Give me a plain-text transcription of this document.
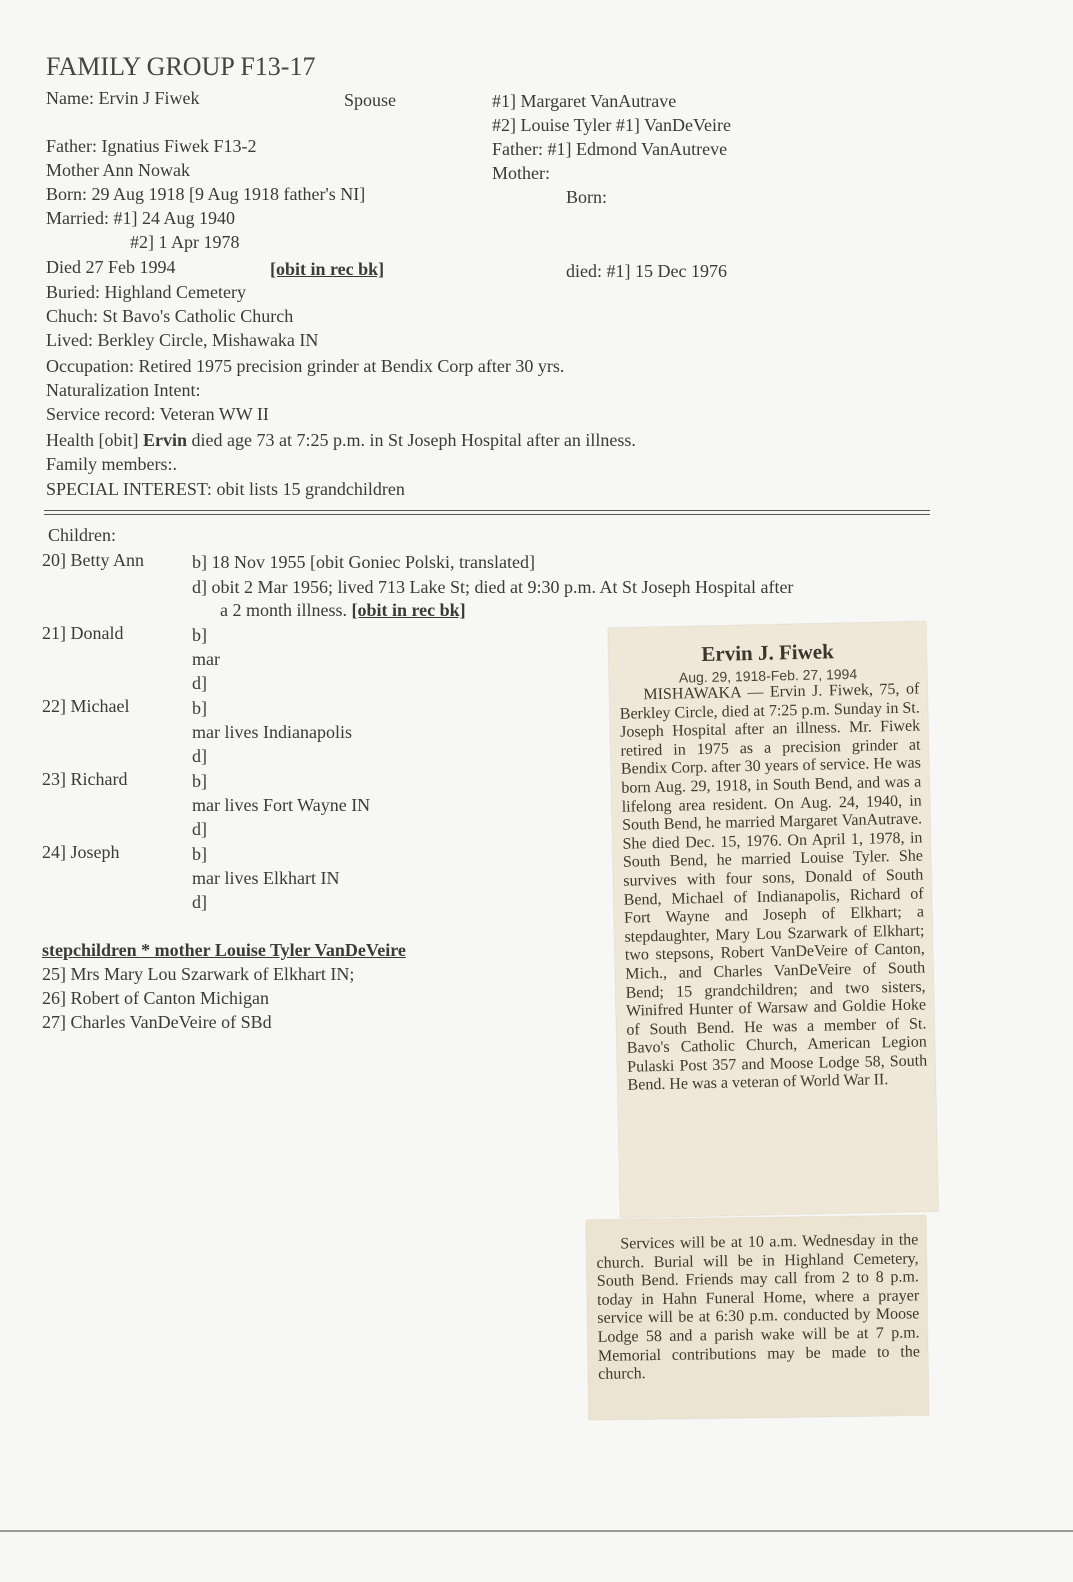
FAMILY GROUP F13-17
Name: Ervin J Fiwek	Spouse
Father: Ignatius Fiwek F13-2
Mother Ann Nowak
Born: 29 Aug 1918 [9 Aug 1918 father's NI]
Married: #1] 24 Aug 1940
#2] 1 Apr 1978
Died 27 Feb 1994	[obit in rec bk]
Buried: Highland Cemetery
Chuch: St Bavo's Catholic Church
Lived: Berkley Circle, Mishawaka IN
Occupation: Retired 1975 precision grinder at Bendix Corp after 30 yrs.
Naturalization Intent:
Service record: Veteran WW II
Health [obit] Ervin died age 73 at 7:25 p.m. in St Joseph Hospital after an illness.
Family members:.
SPECIAL INTEREST: obit lists 15 grandchildren
#1] Margaret VanAutrave
#2] Louise Tyler #1] VanDeVeire
Father: #1] Edmond VanAutreve
Mother:
Born:
died: #1] 15 Dec 1976
Children:
20] Betty Ann	b] 18 Nov 1955 [obit Goniec Polski, translated]
d] obit 2 Mar 1956; lived 713 Lake St; died at 9:30 p.m. At St Joseph Hospital after
a 2 month illness. [obit in rec bk]
21] Donald	b]
mar
d]
22] Michael	b]
mar lives Indianapolis
d]
23] Richard	b]
mar lives Fort Wayne IN
d]
24] Joseph	b]
mar lives Elkhart IN
d]
stepchildren * mother Louise Tyler VanDeVeire
25] Mrs Mary Lou Szarwark of Elkhart IN;
26] Robert of Canton Michigan
27] Charles VanDeVeire of SBd
Ervin J. Fiwek
Aug. 29, 1918-Feb. 27, 1994
MISHAWAKA — Ervin J. Fiwek, 75, of Berkley Circle, died at 7:25 p.m. Sunday in St. Joseph Hospital after an illness. Mr. Fiwek retired in 1975 as a precision grinder at Bendix Corp. after 30 years of service. He was born Aug. 29, 1918, in South Bend, and was a lifelong area resident. On Aug. 24, 1940, in South Bend, he married Margaret VanAutrave. She died Dec. 15, 1976. On April 1, 1978, in South Bend, he married Louise Tyler. She survives with four sons, Donald of South Bend, Michael of Indianapolis, Richard of Fort Wayne and Joseph of Elkhart; a stepdaughter, Mary Lou Szarwark of Elkhart; two stepsons, Robert VanDeVeire of Canton, Mich., and Charles VanDeVeire of South Bend; 15 grandchildren; and two sisters, Winifred Hunter of Warsaw and Goldie Hoke of South Bend. He was a member of St. Bavo's Catholic Church, American Legion Pulaski Post 357 and Moose Lodge 58, South Bend. He was a veteran of World War II.
Services will be at 10 a.m. Wednesday in the church. Burial will be in Highland Cemetery, South Bend. Friends may call from 2 to 8 p.m. today in Hahn Funeral Home, where a prayer service will be at 6:30 p.m. conducted by Moose Lodge 58 and a parish wake will be at 7 p.m. Memorial contributions may be made to the church.
